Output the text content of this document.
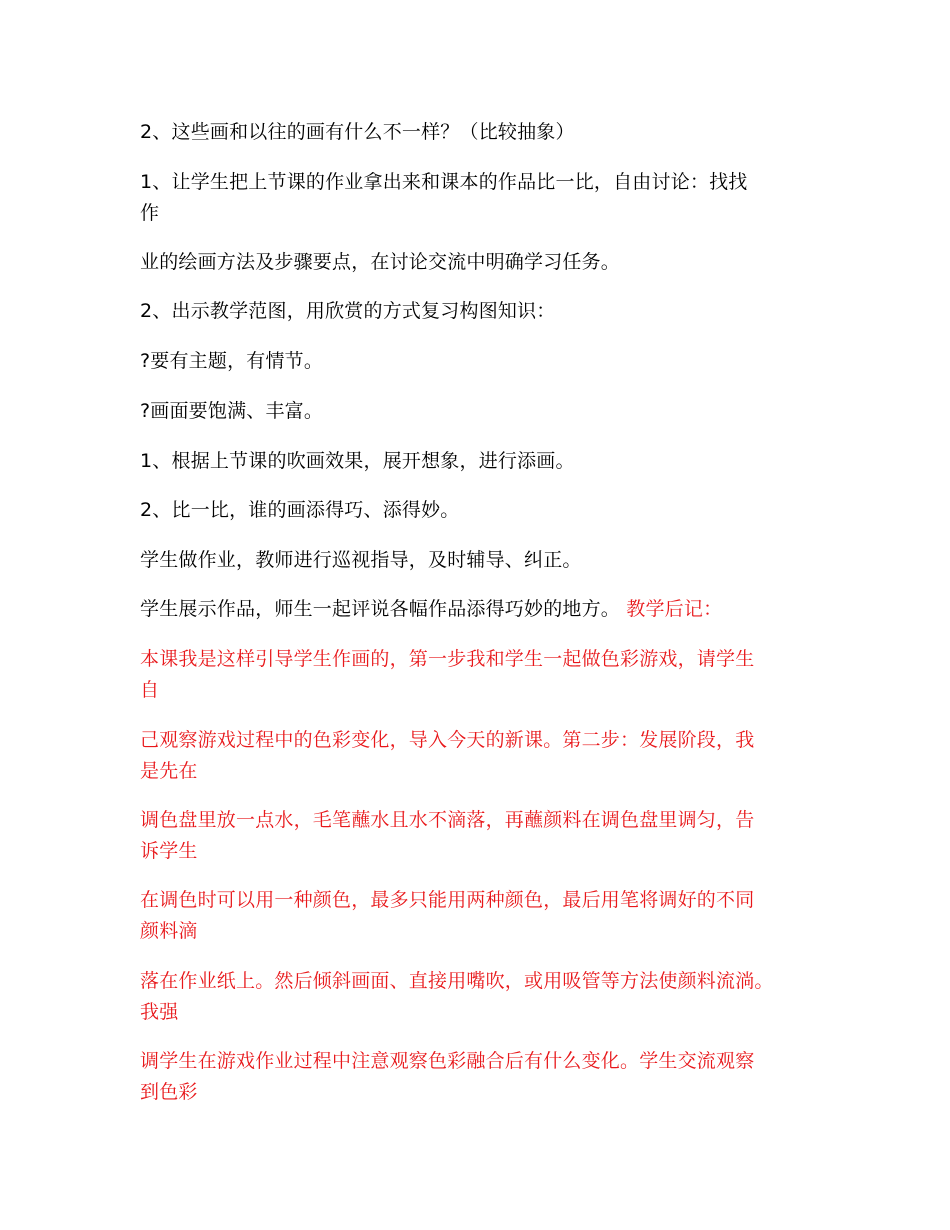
2、这些画和以往的画有什么不一样？（比较抽象）
1、让学生把上节课的作业拿出来和课本的作品比一比，自由讨论：找找
作
业的绘画方法及步骤要点，在讨论交流中明确学习任务。
2、出示教学范图，用欣赏的方式复习构图知识：
?要有主题，有情节。
?画面要饱满、丰富。
1、根据上节课的吹画效果，展开想象，进行添画。
2、比一比，谁的画添得巧、添得妙。
学生做作业，教师进行巡视指导，及时辅导、纠正。
学生展示作品，师生一起评说各幅作品添得巧妙的地方。 教学后记：
本课我是这样引导学生作画的，第一步我和学生一起做色彩游戏，请学生
自
己观察游戏过程中的色彩变化，导入今天的新课。第二步：发展阶段，我
是先在
调色盘里放一点水，毛笔蘸水且水不滴落，再蘸颜料在调色盘里调匀，告
诉学生
在调色时可以用一种颜色，最多只能用两种颜色，最后用笔将调好的不同
颜料滴
落在作业纸上。然后倾斜画面、直接用嘴吹，或用吸管等方法使颜料流淌。
我强
调学生在游戏作业过程中注意观察色彩融合后有什么变化。学生交流观察
到色彩
